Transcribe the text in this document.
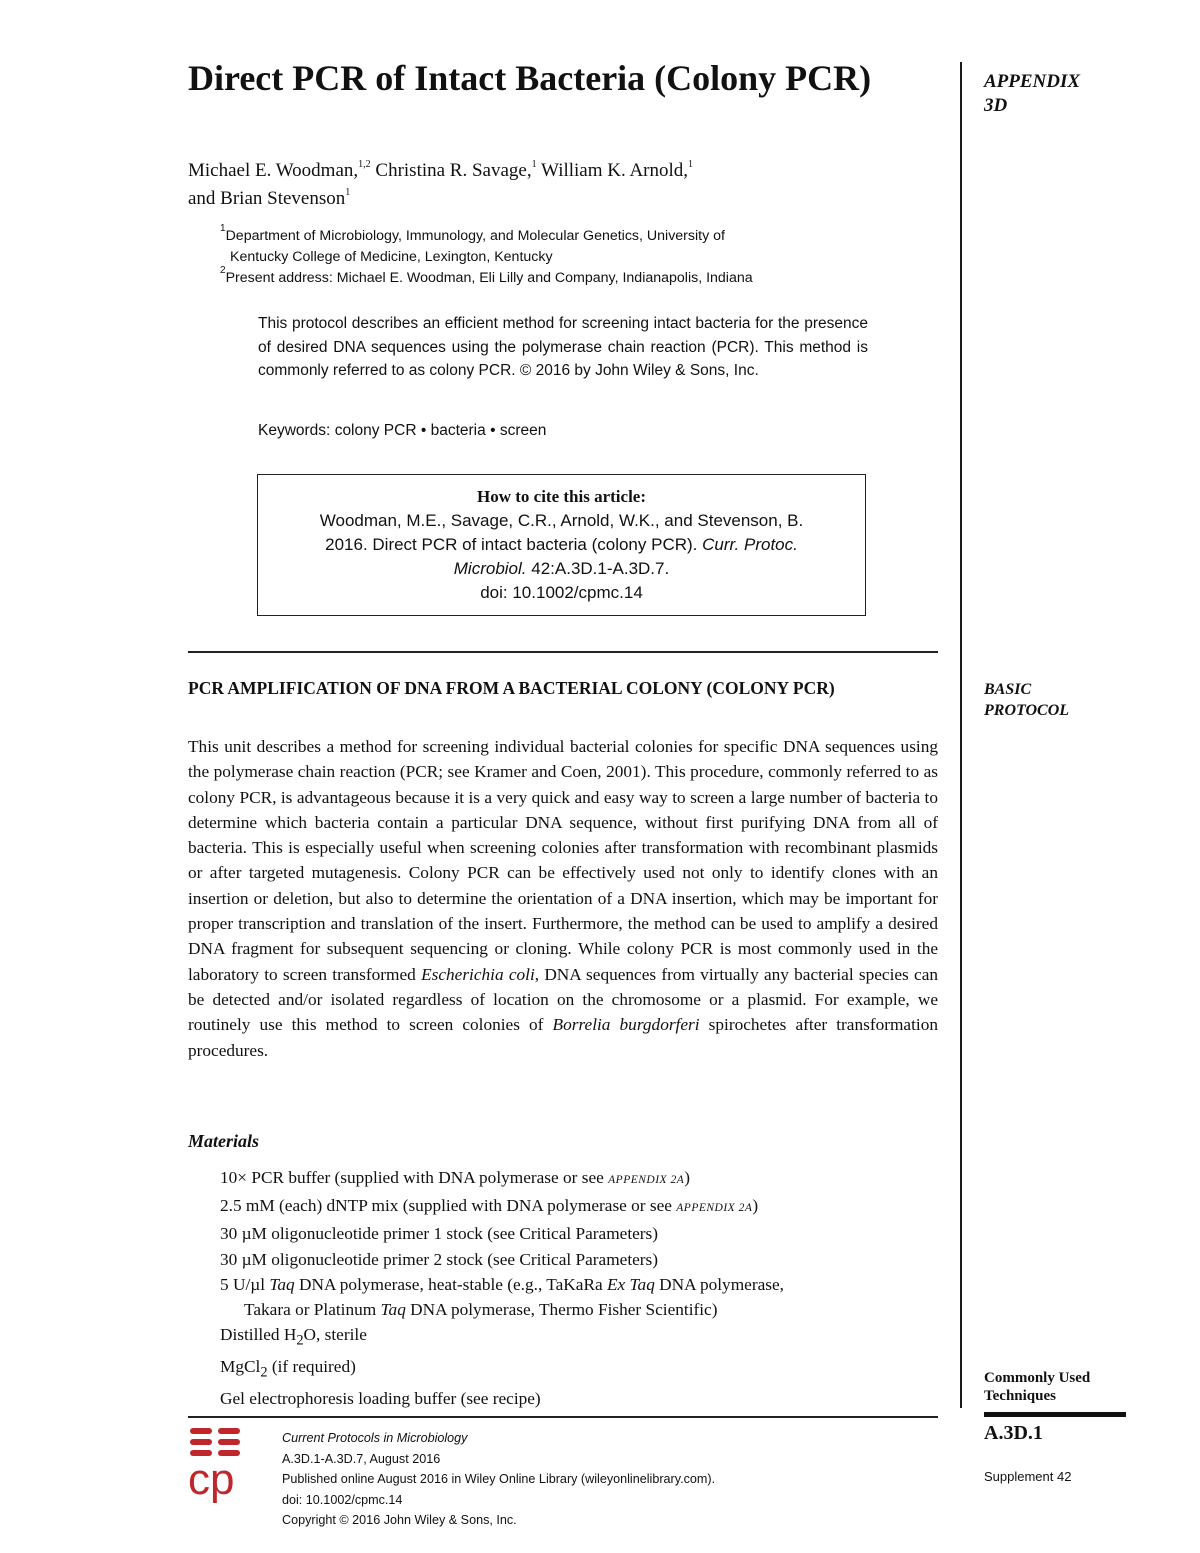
Direct PCR of Intact Bacteria (Colony PCR)
Michael E. Woodman,$^{1,2}$ Christina R. Savage,$^1$ William K. Arnold,$^1$
and Brian Stevenson$^1$
$^1$Department of Microbiology, Immunology, and Molecular Genetics, University of
Kentucky College of Medicine, Lexington, Kentucky
$^2$Present address: Michael E. Woodman, Eli Lilly and Company, Indianapolis, Indiana

This protocol describes an efficient method for screening intact bacteria for the presence of desired DNA sequences using the polymerase chain reaction (PCR). This method is commonly referred to as colony PCR. © 2016 by John Wiley & Sons, Inc.

Keywords: colony PCR • bacteria • screen
How to cite this article:
Woodman, M.E., Savage, C.R., Arnold, W.K., and Stevenson, B.
2016. Direct PCR of intact bacteria (colony PCR). Curr. Protoc.
Microbiol. 42:A.3D.1-A.3D.7.
doi: 10.1002/cpmc.14
PCR AMPLIFICATION OF DNA FROM A BACTERIAL COLONY (COLONY PCR)

This unit describes a method for screening individual bacterial colonies for specific DNA sequences using the polymerase chain reaction (PCR; see Kramer and Coen, 2001). This procedure, commonly referred to as colony PCR, is advantageous because it is a very quick and easy way to screen a large number of bacteria to determine which bacteria contain a particular DNA sequence, without first purifying DNA from all of bacteria. This is especially useful when screening colonies after transformation with recombinant plasmids or after targeted mutagenesis. Colony PCR can be effectively used not only to identify clones with an insertion or deletion, but also to determine the orientation of a DNA insertion, which may be important for proper transcription and translation of the insert. Furthermore, the method can be used to amplify a desired DNA fragment for subsequent sequencing or cloning. While colony PCR is most commonly used in the laboratory to screen transformed Escherichia coli, DNA sequences from virtually any bacterial species can be detected and/or isolated regardless of location on the chromosome or a plasmid. For example, we routinely use this method to screen colonies of Borrelia burgdorferi spirochetes after transformation procedures.

Materials
10× PCR buffer (supplied with DNA polymerase or see APPENDIX 2A)
2.5 mM (each) dNTP mix (supplied with DNA polymerase or see APPENDIX 2A)
30 µM oligonucleotide primer 1 stock (see Critical Parameters)
30 µM oligonucleotide primer 2 stock (see Critical Parameters)
5 U/µl Taq DNA polymerase, heat-stable (e.g., TaKaRa Ex Taq DNA polymerase,
Takara or Platinum Taq DNA polymerase, Thermo Fisher Scientific)
Distilled $H_2O$, sterile
MgCl$_2$ (if required)
Gel electrophoresis loading buffer (see recipe)
APPENDIX
3D
BASIC
PROTOCOL
Commonly Used
Techniques
A.3D.1
Supplement 42
cp
Current Protocols in Microbiology
A.3D.1-A.3D.7, August 2016
Published online August 2016 in Wiley Online Library (wileyonlinelibrary.com).
doi: 10.1002/cpmc.14
Copyright © 2016 John Wiley & Sons, Inc.
